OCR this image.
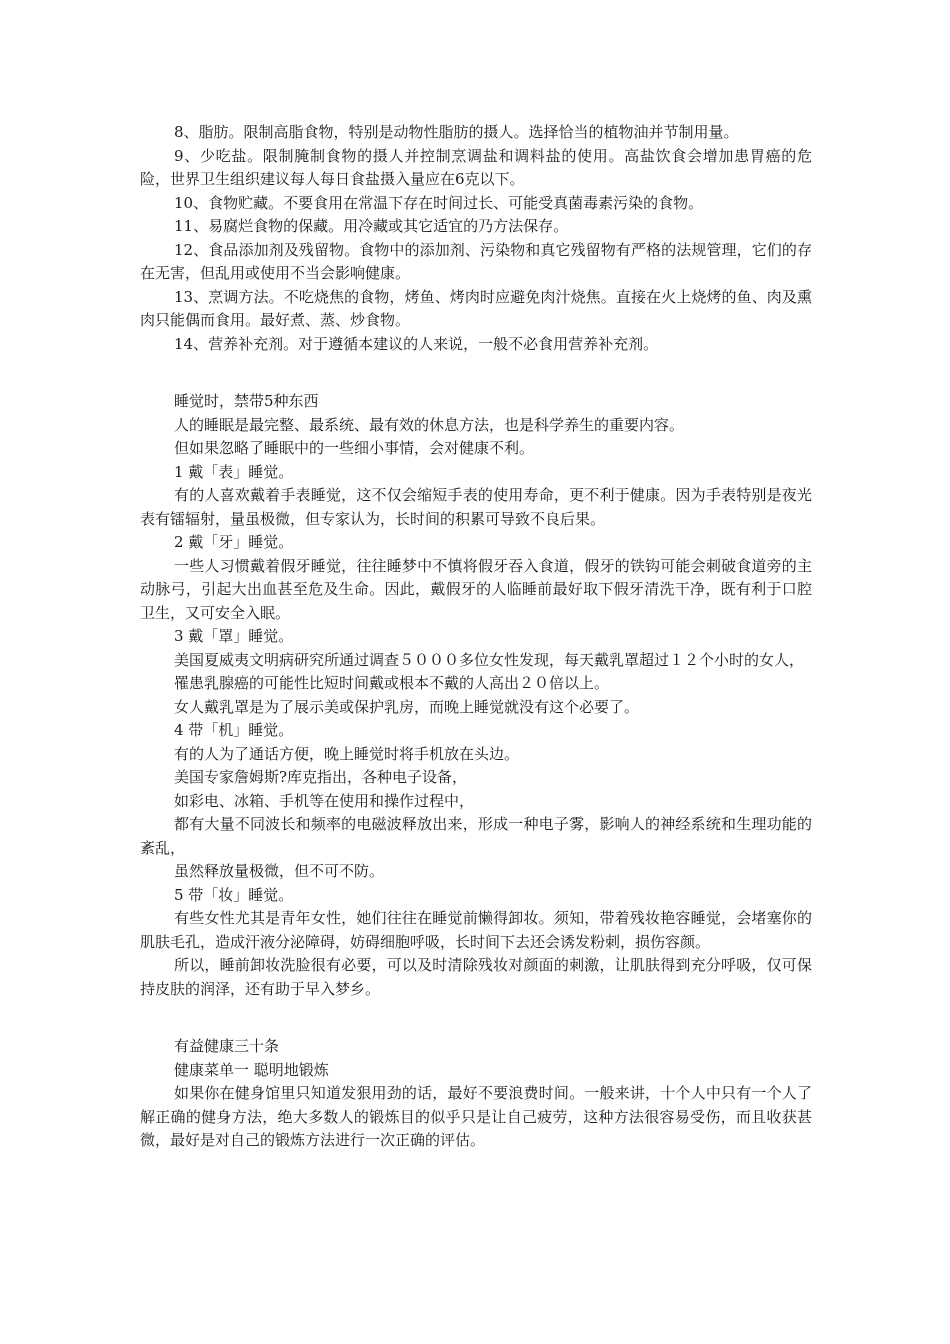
8、脂肪。限制高脂食物，特别是动物性脂肪的摄人。选择恰当的植物油并节制用量。

9、少吃盐。限制腌制食物的摄人并控制烹调盐和调料盐的使用。高盐饮食会增加患胃癌的危险，世界卫生组织建议每人每日食盐摄入量应在6克以下。

10、食物贮藏。不要食用在常温下存在时间过长、可能受真菌毒素污染的食物。

11、易腐烂食物的保藏。用冷藏或其它适宜的乃方法保存。

12、食品添加剂及残留物。食物中的添加剂、污染物和真它残留物有严格的法规管理，它们的存在无害，但乱用或使用不当会影响健康。

13、烹调方法。不吃烧焦的食物，烤鱼、烤肉时应避免肉汁烧焦。直接在火上烧烤的鱼、肉及熏肉只能偶而食用。最好煮、蒸、炒食物。

14、营养补充剂。对于遵循本建议的人来说，一般不必食用营养补充剂。

睡觉时，禁带5种东西

人的睡眠是最完整、最系统、最有效的休息方法，也是科学养生的重要内容。

但如果忽略了睡眠中的一些细小事情，会对健康不利。

1 戴「表」睡觉。

有的人喜欢戴着手表睡觉，这不仅会缩短手表的使用寿命，更不利于健康。因为手表特别是夜光表有镭辐射，量虽极微，但专家认为，长时间的积累可导致不良后果。

2 戴「牙」睡觉。

一些人习惯戴着假牙睡觉，往往睡梦中不慎将假牙吞入食道，假牙的铁钩可能会刺破食道旁的主动脉弓，引起大出血甚至危及生命。因此，戴假牙的人临睡前最好取下假牙清洗干净，既有利于口腔卫生，又可安全入眠。

3 戴「罩」睡觉。

美国夏威夷文明病研究所通过调查５０００多位女性发现，每天戴乳罩超过１２个小时的女人，

罹患乳腺癌的可能性比短时间戴或根本不戴的人高出２０倍以上。

女人戴乳罩是为了展示美或保护乳房，而晚上睡觉就没有这个必要了。

4 带「机」睡觉。

有的人为了通话方便，晚上睡觉时将手机放在头边。

美国专家詹姆斯?库克指出，各种电子设备，

如彩电、冰箱、手机等在使用和操作过程中，

都有大量不同波长和频率的电磁波释放出来，形成一种电子雾，影响人的神经系统和生理功能的紊乱，

虽然释放量极微，但不可不防。

5 带「妆」睡觉。

有些女性尤其是青年女性，她们往往在睡觉前懒得卸妆。须知，带着残妆艳容睡觉，会堵塞你的肌肤毛孔，造成汗液分泌障碍，妨碍细胞呼吸，长时间下去还会诱发粉刺，损伤容颜。

所以，睡前卸妆洗脸很有必要，可以及时清除残妆对颜面的刺激，让肌肤得到充分呼吸，仅可保持皮肤的润泽，还有助于早入梦乡。

有益健康三十条

健康菜单一 聪明地锻炼

如果你在健身馆里只知道发狠用劲的话，最好不要浪费时间。一般来讲，十个人中只有一个人了解正确的健身方法，绝大多数人的锻炼目的似乎只是让自己疲劳，这种方法很容易受伤，而且收获甚微，最好是对自己的锻炼方法进行一次正确的评估。
